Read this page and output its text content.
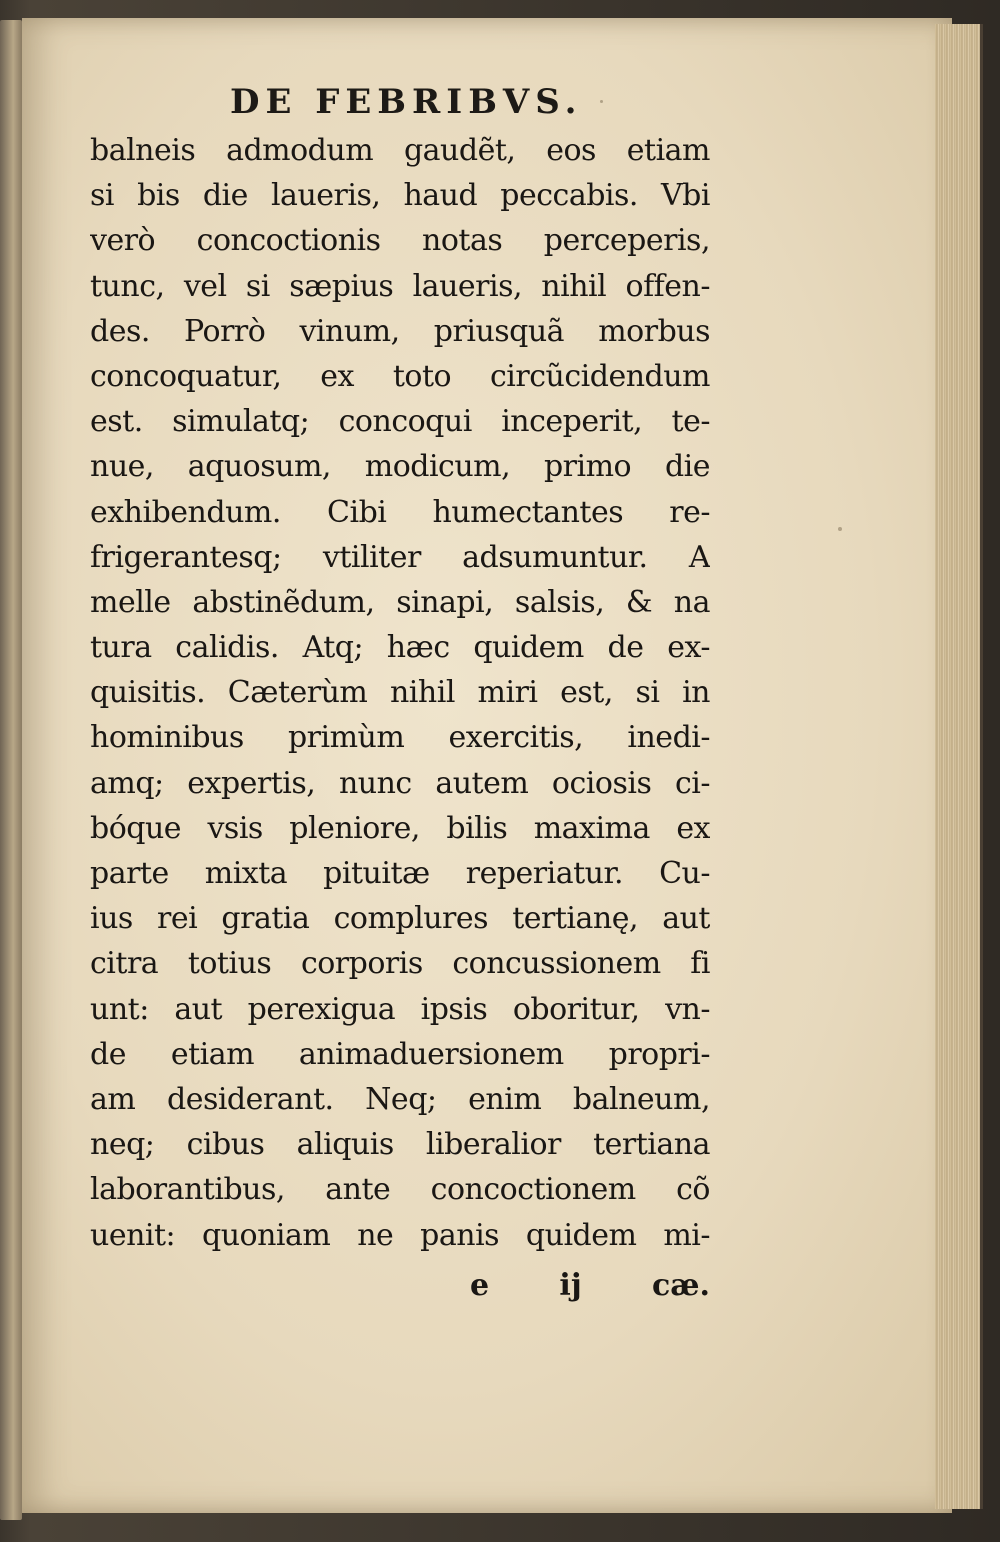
DE FEBRIBVS.
balneis admodum gaudẽt, eos etiam
si bis die laueris, haud peccabis. Vbi
verò concoctionis notas perceperis,
tunc, vel si sæpius laueris, nihil offen-
des. Porrò vinum, priusquã morbus
concoquatur, ex toto circũcidendum
est. simulatq; concoqui inceperit, te-
nue, aquosum, modicum, primo die
exhibendum. Cibi humectantes re-
frigerantesq; vtiliter adsumuntur. A
melle abstinẽdum, sinapi, salsis, & na
tura calidis. Atq; hæc quidem de ex-
quisitis. Cæterùm nihil miri est, si in
hominibus primùm exercitis, inedi-
amq; expertis, nunc autem ociosis ci-
bóque vsis pleniore, bilis maxima ex
parte mixta pituitæ reperiatur. Cu-
ius rei gratia complures tertianę, aut
citra totius corporis concussionem fi
unt: aut perexigua ipsis oboritur, vn-
de etiam animaduersionem propri-
am desiderant. Neq; enim balneum,
neq; cibus aliquis liberalior tertiana
laborantibus, ante concoctionem cõ
uenit: quoniam ne panis quidem mi-
e ij cæ.
